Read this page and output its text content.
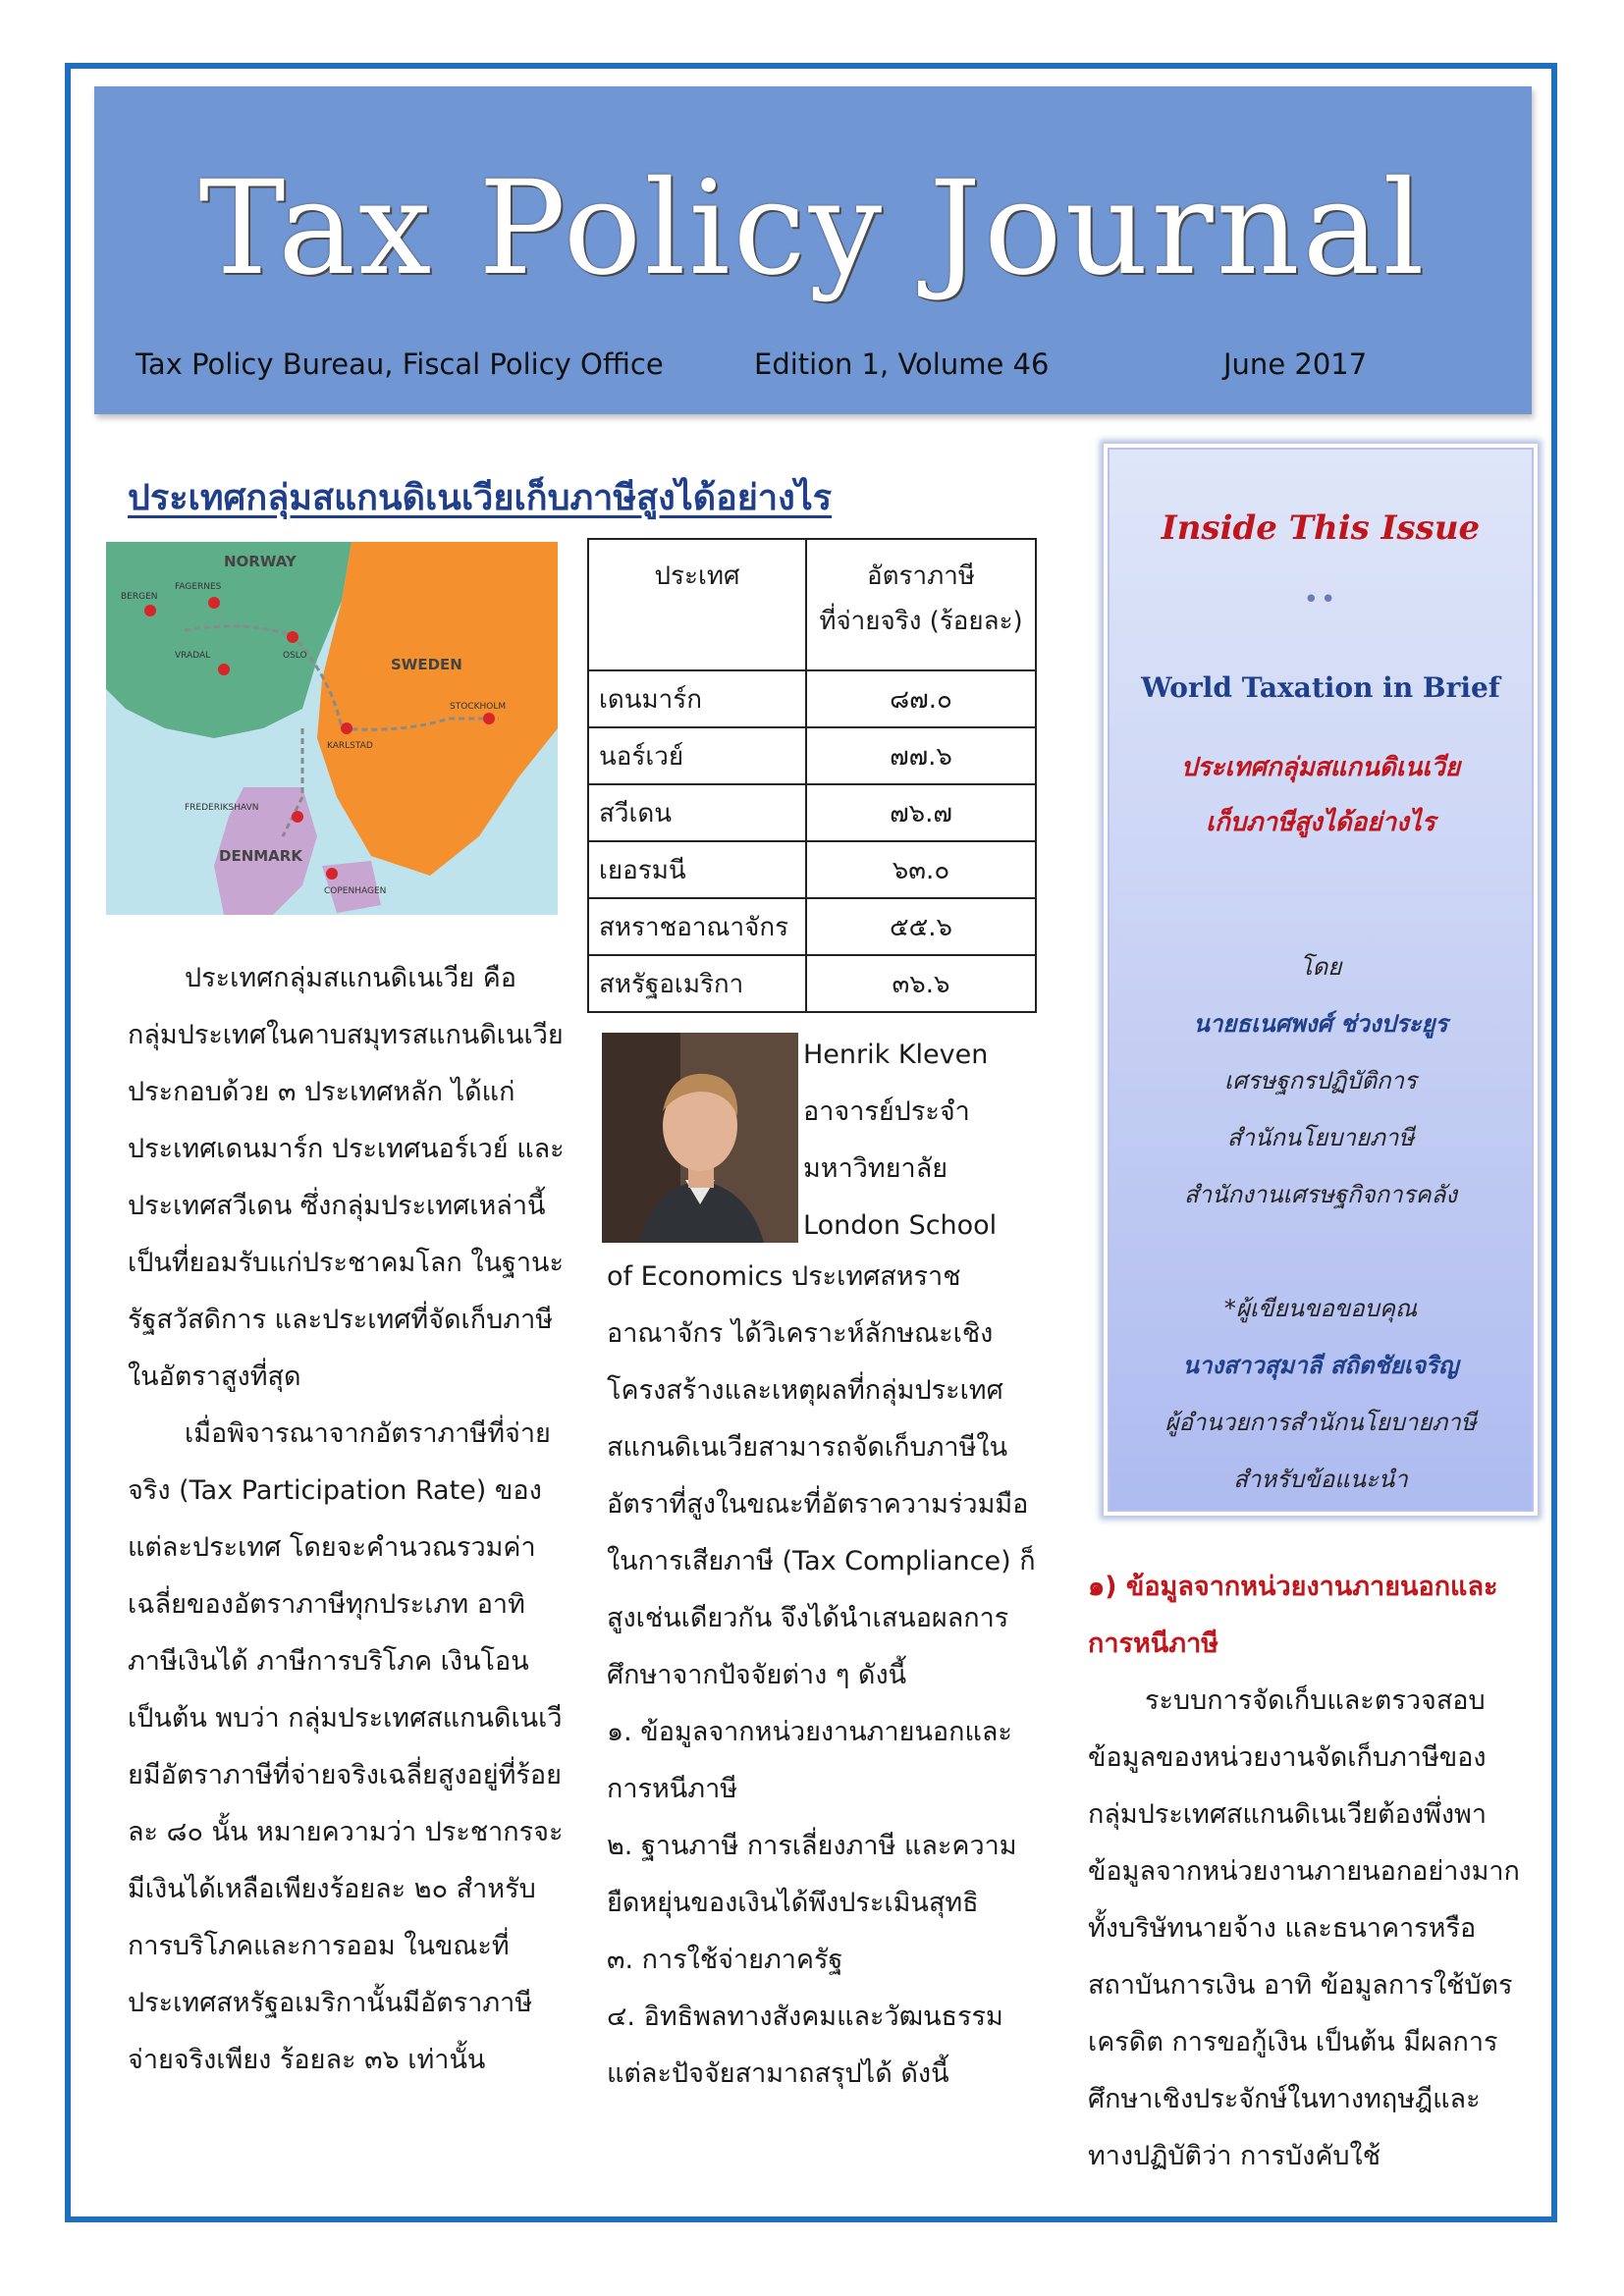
Tax Policy Journal
Tax Policy Bureau, Fiscal Policy Office	Edition 1, Volume 46	June 2017
ประเทศกลุ่มสแกนดิเนเวียเก็บภาษีสูงได้อย่างไร
NORWAY
SWEDEN
DENMARK
OSLO
STOCKHOLM
KARLSTAD
BERGEN
FAGERNES
VRADAL
FREDERIKSHAVN
COPENHAGEN
ประเทศ	อัตราภาษี
ที่จ่ายจริง (ร้อยละ)
เดนมาร์ก	๘๗.๐
นอร์เวย์	๗๗.๖
สวีเดน	๗๖.๗
เยอรมนี	๖๓.๐
สหราชอาณาจักร	๕๕.๖
สหรัฐอเมริกา	๓๖.๖

ประเทศกลุ่มสแกนดิเนเวีย คือ กลุ่มประเทศในคาบสมุทรสแกนดิเนเวีย ประกอบด้วย ๓ ประเทศหลัก ได้แก่ ประเทศเดนมาร์ก ประเทศนอร์เวย์ และประเทศสวีเดน ซึ่งกลุ่มประเทศเหล่านี้เป็นที่ยอมรับแก่ประชาคมโลก ในฐานะรัฐสวัสดิการ และประเทศที่จัดเก็บภาษีในอัตราสูงที่สุด

เมื่อพิจารณาจากอัตราภาษีที่จ่ายจริง (Tax Participation Rate) ของแต่ละประเทศ โดยจะคำนวณรวมค่าเฉลี่ยของอัตราภาษีทุกประเภท อาทิ ภาษีเงินได้ ภาษีการบริโภค เงินโอน เป็นต้น พบว่า กลุ่มประเทศสแกนดิเนเวียมีอัตราภาษีที่จ่ายจริงเฉลี่ยสูงอยู่ที่ร้อยละ ๘๐ นั้น หมายความว่า ประชากรจะมีเงินได้เหลือเพียงร้อยละ ๒๐ สำหรับการบริโภคและการออม ในขณะที่ประเทศสหรัฐอเมริกานั้นมีอัตราภาษีจ่ายจริงเพียง ร้อยละ ๓๖ เท่านั้น

Henrik Kleven

อาจารย์ประจำ

มหาวิทยาลัย

London School

of Economics ประเทศสหราชอาณาจักร ได้วิเคราะห์ลักษณะเชิงโครงสร้างและเหตุผลที่กลุ่มประเทศสแกนดิเนเวียสามารถจัดเก็บภาษีในอัตราที่สูงในขณะที่อัตราความร่วมมือในการเสียภาษี (Tax Compliance) ก็สูงเช่นเดียวกัน จึงได้นำเสนอผลการศึกษาจากปัจจัยต่าง ๆ ดังนี้

๑. ข้อมูลจากหน่วยงานภายนอกและการหนีภาษี

๒. ฐานภาษี การเลี่ยงภาษี และความยืดหยุ่นของเงินได้พึงประเมินสุทธิ

๓. การใช้จ่ายภาครัฐ

๔. อิทธิพลทางสังคมและวัฒนธรรม แต่ละปัจจัยสามาถสรุปได้ ดังนี้

Inside This Issue
••
World Taxation in Brief
ประเทศกลุ่มสแกนดิเนเวีย
เก็บภาษีสูงได้อย่างไร
โดย
นายธเนศพงศ์ ช่วงประยูร
เศรษฐกรปฏิบัติการ
สำนักนโยบายภาษี
สำนักงานเศรษฐกิจการคลัง
*ผู้เขียนขอขอบคุณ
นางสาวสุมาลี สถิตชัยเจริญ
ผู้อำนวยการสำนักนโยบายภาษี
สำหรับข้อแนะนำ

๑) ข้อมูลจากหน่วยงานภายนอกและการหนีภาษี

ระบบการจัดเก็บและตรวจสอบข้อมูลของหน่วยงานจัดเก็บภาษีของกลุ่มประเทศสแกนดิเนเวียต้องพึ่งพาข้อมูลจากหน่วยงานภายนอกอย่างมาก ทั้งบริษัทนายจ้าง และธนาคารหรือสถาบันการเงิน อาทิ ข้อมูลการใช้บัตรเครดิต การขอกู้เงิน เป็นต้น มีผลการศึกษาเชิงประจักษ์ในทางทฤษฎีและทางปฏิบัติว่า การบังคับใช้
